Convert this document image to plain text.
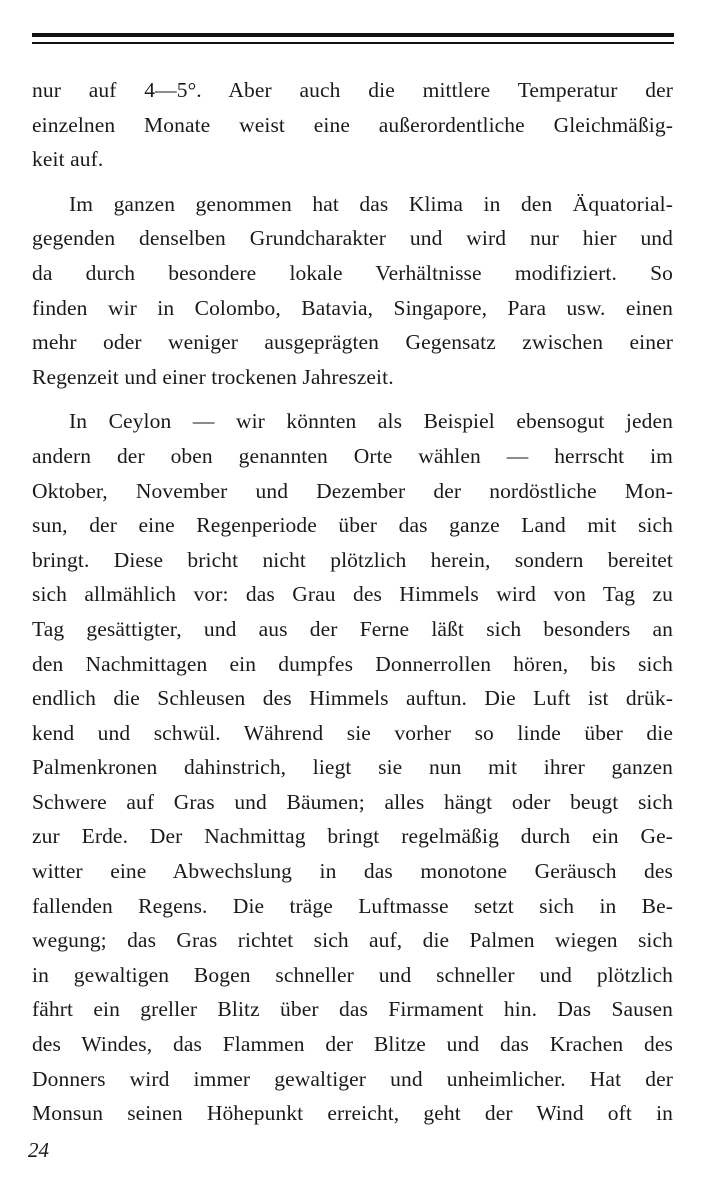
nur auf 4—5°. Aber auch die mittlere Temperatur der
einzelnen Monate weist eine außerordentliche Gleichmäßig-
keit auf.
Im ganzen genommen hat das Klima in den Äquatorial-
gegenden denselben Grundcharakter und wird nur hier und
da durch besondere lokale Verhältnisse modifiziert. So
finden wir in Colombo, Batavia, Singapore, Para usw. einen
mehr oder weniger ausgeprägten Gegensatz zwischen einer
Regenzeit und einer trockenen Jahreszeit.
In Ceylon — wir könnten als Beispiel ebensogut jeden
andern der oben genannten Orte wählen — herrscht im
Oktober, November und Dezember der nordöstliche Mon-
sun, der eine Regenperiode über das ganze Land mit sich
bringt. Diese bricht nicht plötzlich herein, sondern bereitet
sich allmählich vor: das Grau des Himmels wird von Tag zu
Tag gesättigter, und aus der Ferne läßt sich besonders an
den Nachmittagen ein dumpfes Donnerrollen hören, bis sich
endlich die Schleusen des Himmels auftun. Die Luft ist drük-
kend und schwül. Während sie vorher so linde über die
Palmenkronen dahinstrich, liegt sie nun mit ihrer ganzen
Schwere auf Gras und Bäumen; alles hängt oder beugt sich
zur Erde. Der Nachmittag bringt regelmäßig durch ein Ge-
witter eine Abwechslung in das monotone Geräusch des
fallenden Regens. Die träge Luftmasse setzt sich in Be-
wegung; das Gras richtet sich auf, die Palmen wiegen sich
in gewaltigen Bogen schneller und schneller und plötzlich
fährt ein greller Blitz über das Firmament hin. Das Sausen
des Windes, das Flammen der Blitze und das Krachen des
Donners wird immer gewaltiger und unheimlicher. Hat der
Monsun seinen Höhepunkt erreicht, geht der Wind oft in
24
